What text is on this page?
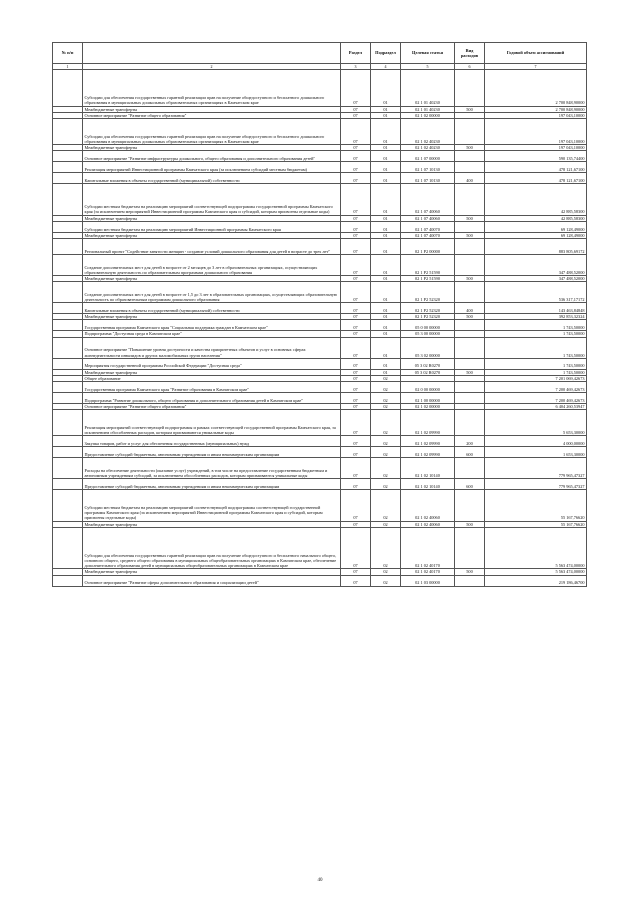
№ п/п		Раздел	Подраздел	Целевая статья	Вид расходов	Годовой объем ассигнований
1	2	3	4	5	6	7
	Субсидии для обеспечения государственных гарантий реализации прав на получение общедоступного и бесплатного дошкольного образования в муниципальных дошкольных образовательных организациях в Камчатском крае	07	01	02 1 01 40230		2 700 848,90000
	Межбюджетные трансферты	07	01	02 1 01 40230	500	2 700 848,90000
	Основное мероприятие "Развитие общего образования"	07	01	02 1 02 00000		197 043,10000
	Субсидии для обеспечения государственных гарантий реализации прав на получение общедоступного и бесплатного дошкольного образования в муниципальных дошкольных образовательных организациях в Камчатском крае	07	01	02 1 02 40230		197 043,10000
	Межбюджетные трансферты	07	01	02 1 02 40230	500	197 043,10000
	Основное мероприятие "Развитие инфраструктуры дошкольного, общего образования и дополнительного образования детей"	07	01	02 1 07 00000		590 135,74400
	Реализация мероприятий Инвестиционной программы Камчатского края (за исключением субсидий местным бюджетам)	07	01	02 1 07 10130		478 121,67100
	Капитальные вложения в объекты государственной (муниципальной) собственности	07	01	02 1 07 10130	400	478 121,67100
	Субсидии местным бюджетам на реализацию мероприятий соответствующей подпрограммы государственной программы Камчатского края (за исключением мероприятий Инвестиционной программы Камчатского края и субсидий, которым присвоены отдельные коды)	07	01	02 1 07 40060		42 885,58300
	Межбюджетные трансферты	07	01	02 1 07 40060	500	42 885,58300
	Субсидии местным бюджетам на реализацию мероприятий Инвестиционной программы Камчатского края	07	01	02 1 07 40070		69 128,49000
	Межбюджетные трансферты	07	01	02 1 07 40070	500	69 128,49000
	Региональный проект "Содействие занятости женщин - создание условий дошкольного образования для детей в возрасте до трех лет"	07	01	02 1 P2 00000		883 805,69172
	Создание дополнительных мест для детей в возрасте от 2 месяцев до 3 лет в образовательных организациях, осуществляющих образовательную деятельность по образовательным программам дошкольного образования	07	01	02 1 P2 51590		347 488,52000
	Межбюджетные трансферты	07	01	02 1 P2 51590	500	347 488,52000
	Создание дополнительных мест для детей в возрасте от 1,5 до 3 лет в образовательных организациях, осуществляющих образовательную деятельность по образовательным программам дошкольного образования	07	01	02 1 P2 52320		536 317,17172
	Капитальные вложения в объекты государственной (муниципальной) собственности	07	01	02 1 P2 52320	400	143 463,84848
	Межбюджетные трансферты	07	01	02 1 P2 52320	500	392 853,32324
	Государственная программа Камчатского края "Социальная поддержка граждан в Камчатском крае"	07	01	05 0 00 00000		1 743,50000
	Подпрограмма "Доступная среда в Камчатском крае"	07	01	05 3 00 00000		1 743,50000
	Основное мероприятие "Повышение уровня доступности и качества приоритетных объектов и услуг в основных сферах жизнедеятельности инвалидов и других маломобильных групп населения"	07	01	05 3 02 00000		1 743,50000
	Мероприятия государственной программы Российской Федерации "Доступная среда"	07	01	05 3 02 R0270		1 743,50000
	Межбюджетные трансферты	07	01	05 3 02 R0270	500	1 743,50000
	Общее образование	07	02			7 201 069,42673
	Государственная программа Камчатского края "Развитие образования в Камчатском крае"	07	02	02 0 00 00000		7 200 469,42673
	Подпрограмма "Развитие дошкольного, общего образования и дополнительного образования детей в Камчатском крае"	07	02	02 1 00 00000		7 200 469,42673
	Основное мероприятие "Развитие общего образования"	07	02	02 1 02 00000		6 404 260,53947
	Реализация мероприятий соответствующей подпрограммы и рамках соответствующей государственной программы Камчатского края, за исключением обособленных расходов, которым присваиваются уникальные коды	07	02	02 1 02 09990		5 653,30000
	Закупка товаров, работ и услуг для обеспечения государственных (муниципальных) нужд	07	02	02 1 02 09990	200	4 000,00000
	Предоставление субсидий бюджетным, автономным учреждениям и иным некоммерческим организациям	07	02	02 1 02 09990	600	1 653,30000
	Расходы на обеспечение деятельности (оказание услуг) учреждений, в том числе на предоставление государственным бюджетным и автономным учреждениям субсидий, за исключением обособленных расходов, которым присваиваются уникальные коды	07	02	02 1 02 10140		779 965,47327
	Предоставление субсидий бюджетным, автономным учреждениям и иным некоммерческим организациям	07	02	02 1 02 10140	600	779 965,47327
	Субсидии местным бюджетам на реализацию мероприятий соответствующей подпрограммы соответствующей государственной программы Камчатского края (за исключением мероприятий Инвестиционной программы Камчатского края и субсидий, которым присвоены отдельные коды)	07	02	02 1 02 40060		55 167,76620
	Межбюджетные трансферты	07	02	02 1 02 40060	500	55 167,76620
	Субсидии для обеспечения государственных гарантий реализации прав на получение общедоступного и бесплатного начального общего, основного общего, среднего общего образования в муниципальных общеобразовательных организациях в Камчатском крае, обеспечение дополнительного образования детей в муниципальных общеобразовательных организациях в Камчатском крае	07	02	02 1 02 40170		5 563 474,00000
	Межбюджетные трансферты	07	02	02 1 02 40170	500	5 563 474,00000
	Основное мероприятие "Развитие сферы дополнительного образования и социализации детей"	07	02	02 1 03 00000		219 186,46700
40
